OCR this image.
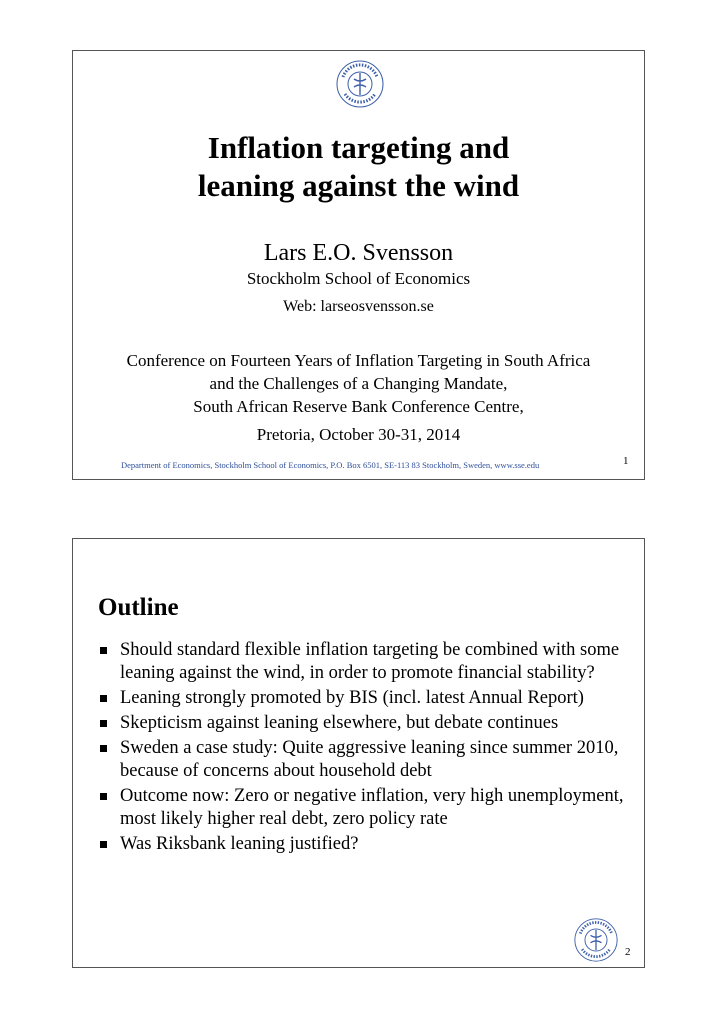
Inflation targeting and
leaning against the wind
Lars E.O. Svensson
Stockholm School of Economics
Web: larseosvensson.se
Conference on Fourteen Years of Inflation Targeting in South Africa
and the Challenges of a Changing Mandate,
South African Reserve Bank Conference Centre,
Pretoria, October 30-31, 2014
Department of Economics, Stockholm School of Economics, P.O. Box 6501, SE-113 83 Stockholm, Sweden, www.sse.edu	1
Outline
Should standard flexible inflation targeting be combined with some leaning against the wind, in order to promote financial stability?
Leaning strongly promoted by BIS (incl. latest Annual Report)
Skepticism against leaning elsewhere, but debate continues
Sweden a case study: Quite aggressive leaning since summer 2010, because of concerns about household debt
Outcome now: Zero or negative inflation, very high unemployment, most likely higher real debt, zero policy rate
Was Riksbank leaning justified?
2
